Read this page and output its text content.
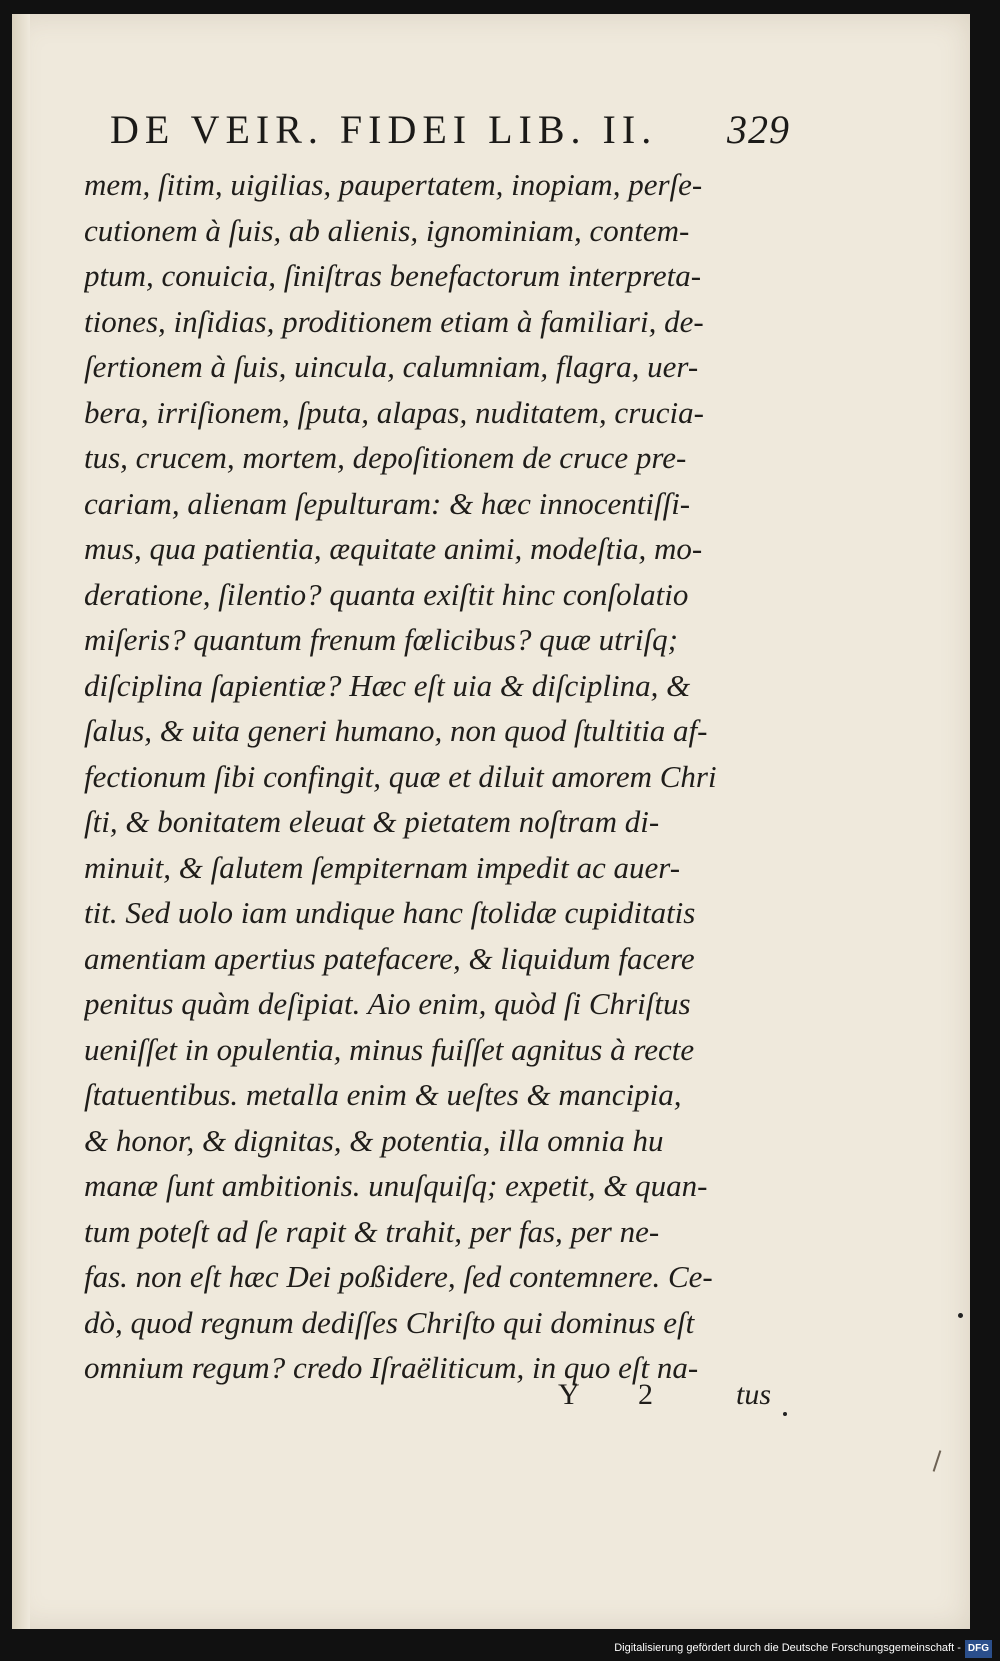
DE VEIR. FIDEI LIB. II. 329
mem, ſitim, uigilias, paupertatem, inopiam, perſe-
cutionem à ſuis, ab alienis, ignominiam, contem-
ptum, conuicia, ſiniſtras benefactorum interpreta-
tiones, inſidias, proditionem etiam à familiari, de-
ſertionem à ſuis, uincula, calumniam, flagra, uer-
bera, irriſionem, ſputa, alapas, nuditatem, crucia-
tus, crucem, mortem, depoſitionem de cruce pre-
cariam, alienam ſepulturam: & hæc innocentiſſi-
mus, qua patientia, æquitate animi, modeſtia, mo-
deratione, ſilentio? quanta exiſtit hinc conſolatio
miſeris? quantum frenum fœlicibus? quæ utriſq;
diſciplina ſapientiæ? Hæc eſt uia & diſciplina, &
ſalus, & uita generi humano, non quod ſtultitia af-
fectionum ſibi confingit, quæ et diluit amorem Chri
ſti, & bonitatem eleuat & pietatem noſtram di-
minuit, & ſalutem ſempiternam impedit ac auer-
tit. Sed uolo iam undique hanc ſtolidæ cupiditatis
amentiam apertius patefacere, & liquidum facere
penitus quàm deſipiat. Aio enim, quòd ſi Chriſtus
ueniſſet in opulentia, minus fuiſſet agnitus à recte
ſtatuentibus. metalla enim & ueſtes & mancipia,
& honor, & dignitas, & potentia, illa omnia hu
manæ ſunt ambitionis. unuſquiſq; expetit, & quan-
tum poteſt ad ſe rapit & trahit, per fas, per ne-
fas. non eſt hæc Dei poßidere, ſed contemnere. Ce-
dò, quod regnum dediſſes Chriſto qui dominus eſt
omnium regum? credo Iſraëliticum, in quo eſt na-
Y 2 tus
Digitalisierung gefördert durch die Deutsche Forschungsgemeinschaft - DFG
